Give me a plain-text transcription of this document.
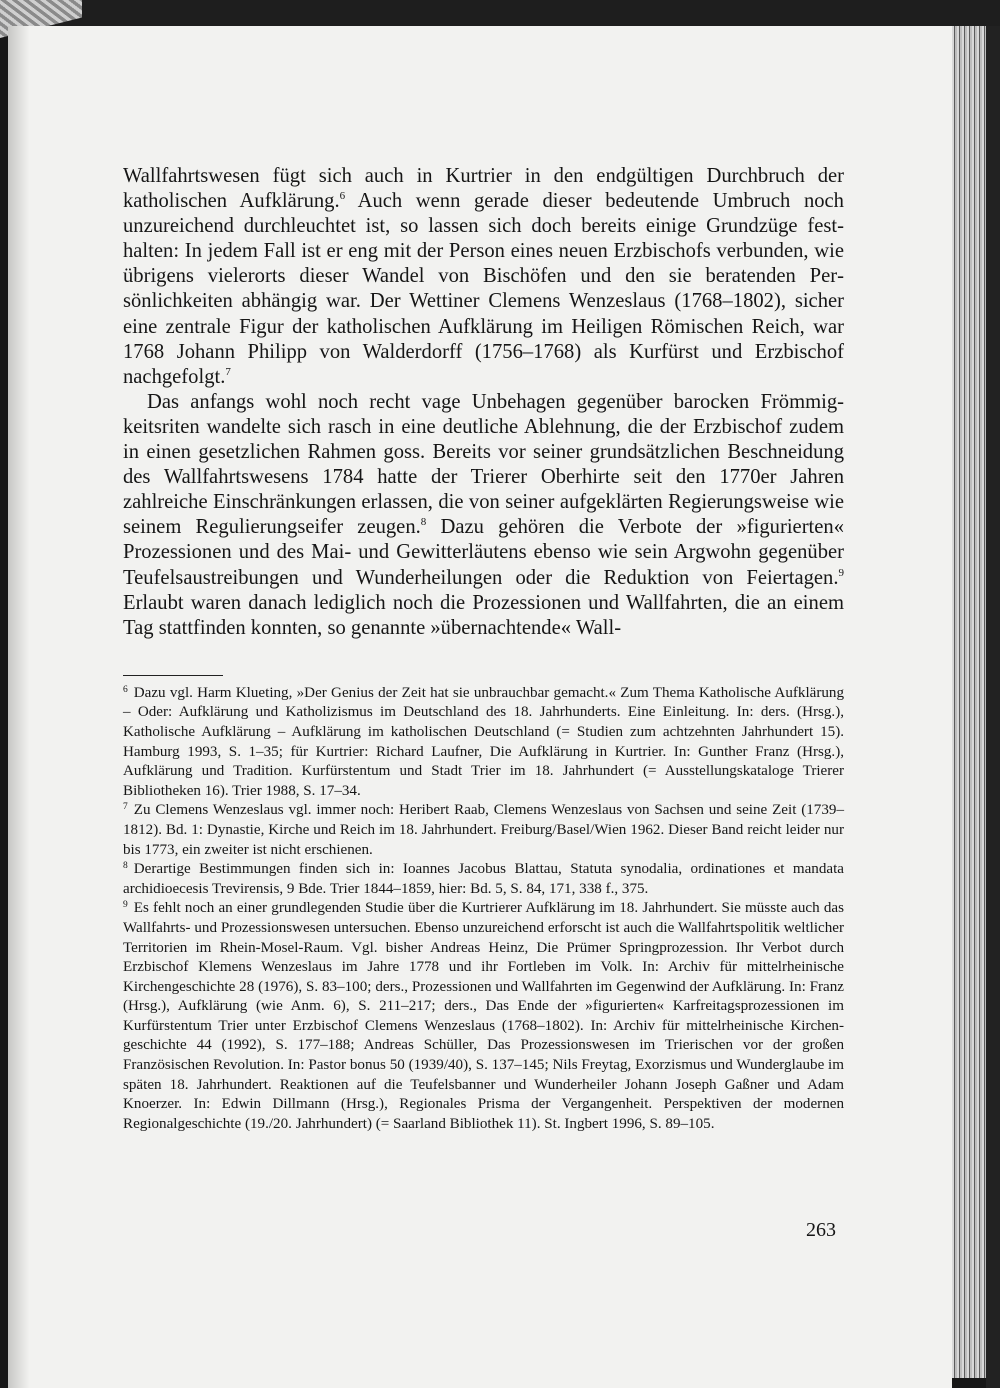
Wallfahrtswesen fügt sich auch in Kurtrier in den endgültigen Durchbruch der katholischen Aufklärung.$^6$ Auch wenn gerade dieser bedeutende Umbruch noch unzureichend durchleuchtet ist, so lassen sich doch bereits einige Grundzüge festhalten: In jedem Fall ist er eng mit der Person eines neuen Erzbischofs verbunden, wie übrigens vielerorts dieser Wandel von Bischöfen und den sie beratenden Persönlichkeiten abhängig war. Der Wettiner Clemens Wenzeslaus (1768–1802), sicher eine zentrale Figur der katholischen Aufklärung im Heiligen Römischen Reich, war 1768 Johann Philipp von Walderdorff (1756–1768) als Kurfürst und Erzbischof nachgefolgt.$^7$

Das anfangs wohl noch recht vage Unbehagen gegenüber barocken Frömmigkeitsriten wandelte sich rasch in eine deutliche Ablehnung, die der Erzbischof zudem in einen gesetzlichen Rahmen goss. Bereits vor seiner grundsätzlichen Beschneidung des Wallfahrtswesens 1784 hatte der Trierer Oberhirte seit den 1770er Jahren zahlreiche Einschränkungen erlassen, die von seiner aufgeklärten Regierungsweise wie seinem Regulierungseifer zeugen.$^8$ Dazu gehören die Verbote der »figurierten« Prozessionen und des Mai- und Gewitterläutens ebenso wie sein Argwohn gegenüber Teufelsaustreibungen und Wunderheilungen oder die Reduktion von Feiertagen.$^9$ Erlaubt waren danach lediglich noch die Prozessionen und Wallfahrten, die an einem Tag stattfinden konnten, so genannte »übernachtende« Wall-

$^6$ Dazu vgl. Harm Klueting, »Der Genius der Zeit hat sie unbrauchbar gemacht.« Zum Thema Katholische Aufklärung – Oder: Aufklärung und Katholizismus im Deutschland des 18. Jahrhunderts. Eine Einleitung. In: ders. (Hrsg.), Katholische Aufklärung – Aufklärung im katholischen Deutschland (= Studien zum achtzehnten Jahrhundert 15). Hamburg 1993, S. 1–35; für Kurtrier: Richard Laufner, Die Aufklärung in Kurtrier. In: Gunther Franz (Hrsg.), Aufklärung und Tradition. Kurfürstentum und Stadt Trier im 18. Jahrhundert (= Ausstellungskataloge Trierer Bibliotheken 16). Trier 1988, S. 17–34.

$^7$ Zu Clemens Wenzeslaus vgl. immer noch: Heribert Raab, Clemens Wenzeslaus von Sachsen und seine Zeit (1739–1812). Bd. 1: Dynastie, Kirche und Reich im 18. Jahrhundert. Freiburg/Basel/Wien 1962. Dieser Band reicht leider nur bis 1773, ein zweiter ist nicht erschienen.

$^8$ Derartige Bestimmungen finden sich in: Ioannes Jacobus Blattau, Statuta synodalia, ordinationes et mandata archidioecesis Trevirensis, 9 Bde. Trier 1844–1859, hier: Bd. 5, S. 84, 171, 338 f., 375.

$^9$ Es fehlt noch an einer grundlegenden Studie über die Kurtrierer Aufklärung im 18. Jahrhundert. Sie müsste auch das Wallfahrts- und Prozessionswesen untersuchen. Ebenso unzureichend erforscht ist auch die Wallfahrtspolitik weltlicher Territorien im Rhein-Mosel-Raum. Vgl. bisher Andreas Heinz, Die Prümer Springprozession. Ihr Verbot durch Erzbischof Klemens Wenzeslaus im Jahre 1778 und ihr Fortleben im Volk. In: Archiv für mittelrheinische Kirchengeschichte 28 (1976), S. 83–100; ders., Prozessionen und Wallfahrten im Gegenwind der Aufklärung. In: Franz (Hrsg.), Aufklärung (wie Anm. 6), S. 211–217; ders., Das Ende der »figurierten« Karfreitagsprozessionen im Kurfürstentum Trier unter Erzbischof Clemens Wenzeslaus (1768–1802). In: Archiv für mittelrheinische Kirchengeschichte 44 (1992), S. 177–188; Andreas Schüller, Das Prozessionswesen im Trierischen vor der großen Französischen Revolution. In: Pastor bonus 50 (1939/40), S. 137–145; Nils Freytag, Exorzismus und Wunderglaube im späten 18. Jahrhundert. Reaktionen auf die Teufelsbanner und Wunderheiler Johann Joseph Gaßner und Adam Knoerzer. In: Edwin Dillmann (Hrsg.), Regionales Prisma der Vergangenheit. Perspektiven der modernen Regionalgeschichte (19./20. Jahrhundert) (= Saarland Bibliothek 11). St. Ingbert 1996, S. 89–105.

263
